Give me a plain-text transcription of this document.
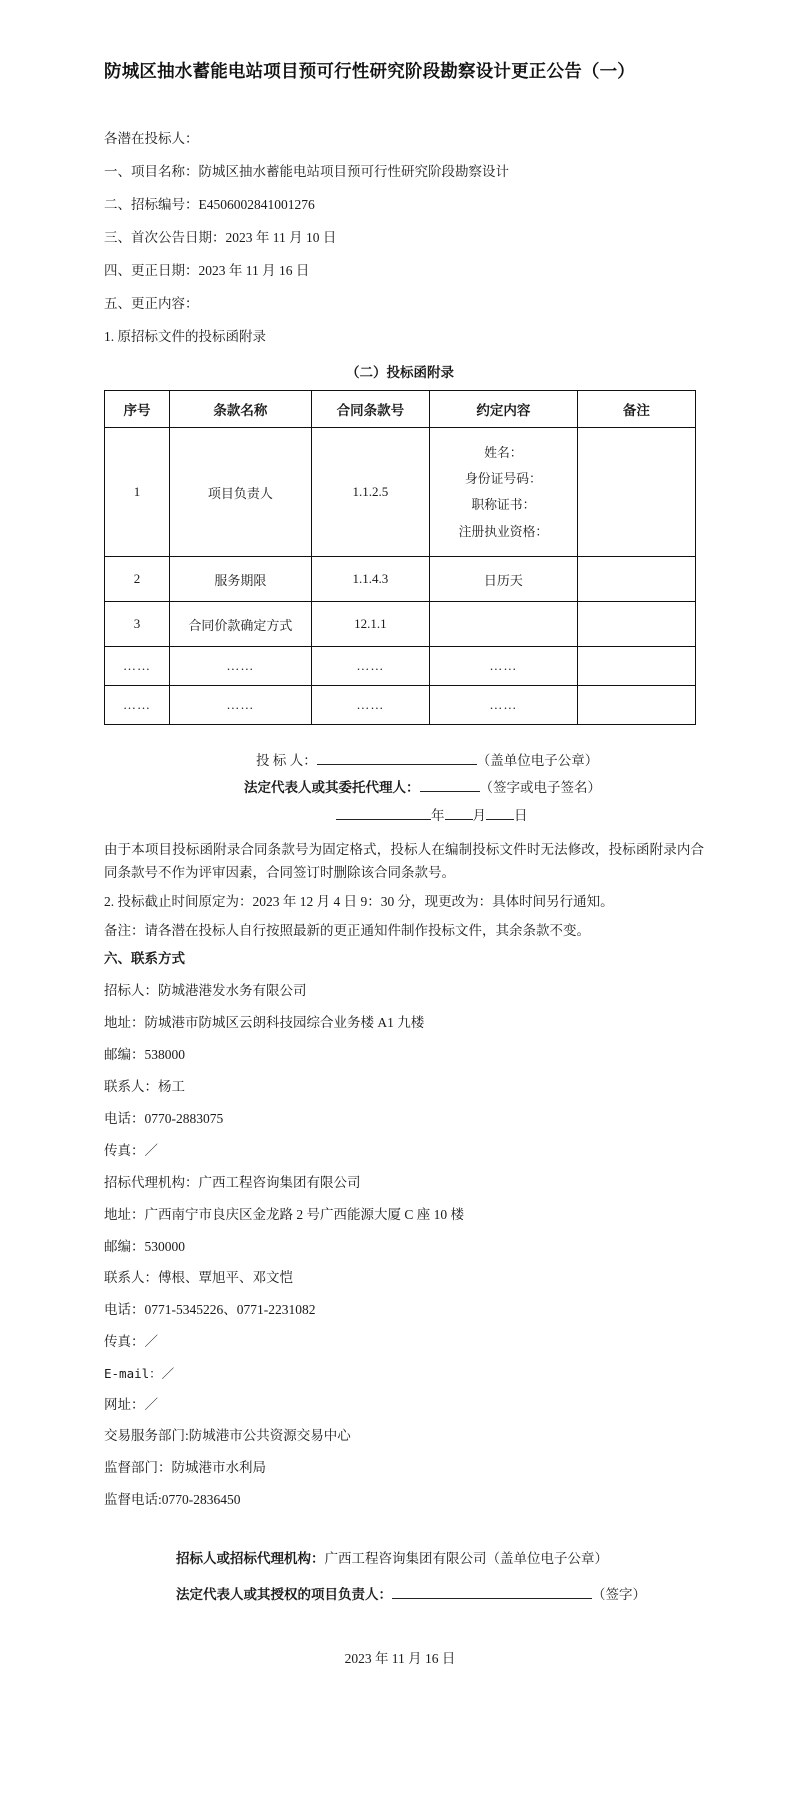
防城区抽水蓄能电站项目预可行性研究阶段勘察设计更正公告（一）

各潜在投标人：

一、项目名称：防城区抽水蓄能电站项目预可行性研究阶段勘察设计

二、招标编号：E4506002841001276

三、首次公告日期：2023 年 11 月 10 日

四、更正日期：2023 年 11 月 16 日

五、更正内容：

1. 原招标文件的投标函附录

（二）投标函附录
序号	条款名称	合同条款号	约定内容	备注
1	项目负责人	1.1.2.5	姓名：
身份证号码：
职称证书：
注册执业资格：	

2	服务期限	1.1.4.3	日历天	
3	合同价款确定方式	12.1.1		
……	……	……	……	
……	……	……	……	
投 标 人：	（盖单位电子公章）
法定代表人或其委托代理人：	（签字或电子签名）
年 月 日

由于本项目投标函附录合同条款号为固定格式，投标人在编制投标文件时无法修改，投标函附录内合同条款号不作为评审因素，合同签订时删除该合同条款号。

2. 投标截止时间原定为：2023 年 12 月 4 日 9：30 分，现更改为：具体时间另行通知。

备注：请各潜在投标人自行按照最新的更正通知件制作投标文件，其余条款不变。

六、联系方式

招标人：防城港港发水务有限公司

地址：防城港市防城区云朗科技园综合业务楼 A1 九楼

邮编：538000

联系人：杨工

电话：0770-2883075

传真：／

招标代理机构：广西工程咨询集团有限公司

地址：广西南宁市良庆区金龙路 2 号广西能源大厦 C 座 10 楼

邮编：530000

联系人：傅根、覃旭平、邓文恺

电话：0771-5345226、0771-2231082

传真：／

E-mail：／

网址：／

交易服务部门:防城港市公共资源交易中心

监督部门：防城港市水利局

监督电话:0770-2836450

招标人或招标代理机构：广西工程咨询集团有限公司（盖单位电子公章）
法定代表人或其授权的项目负责人：	（签字）
2023 年 11 月 16 日
